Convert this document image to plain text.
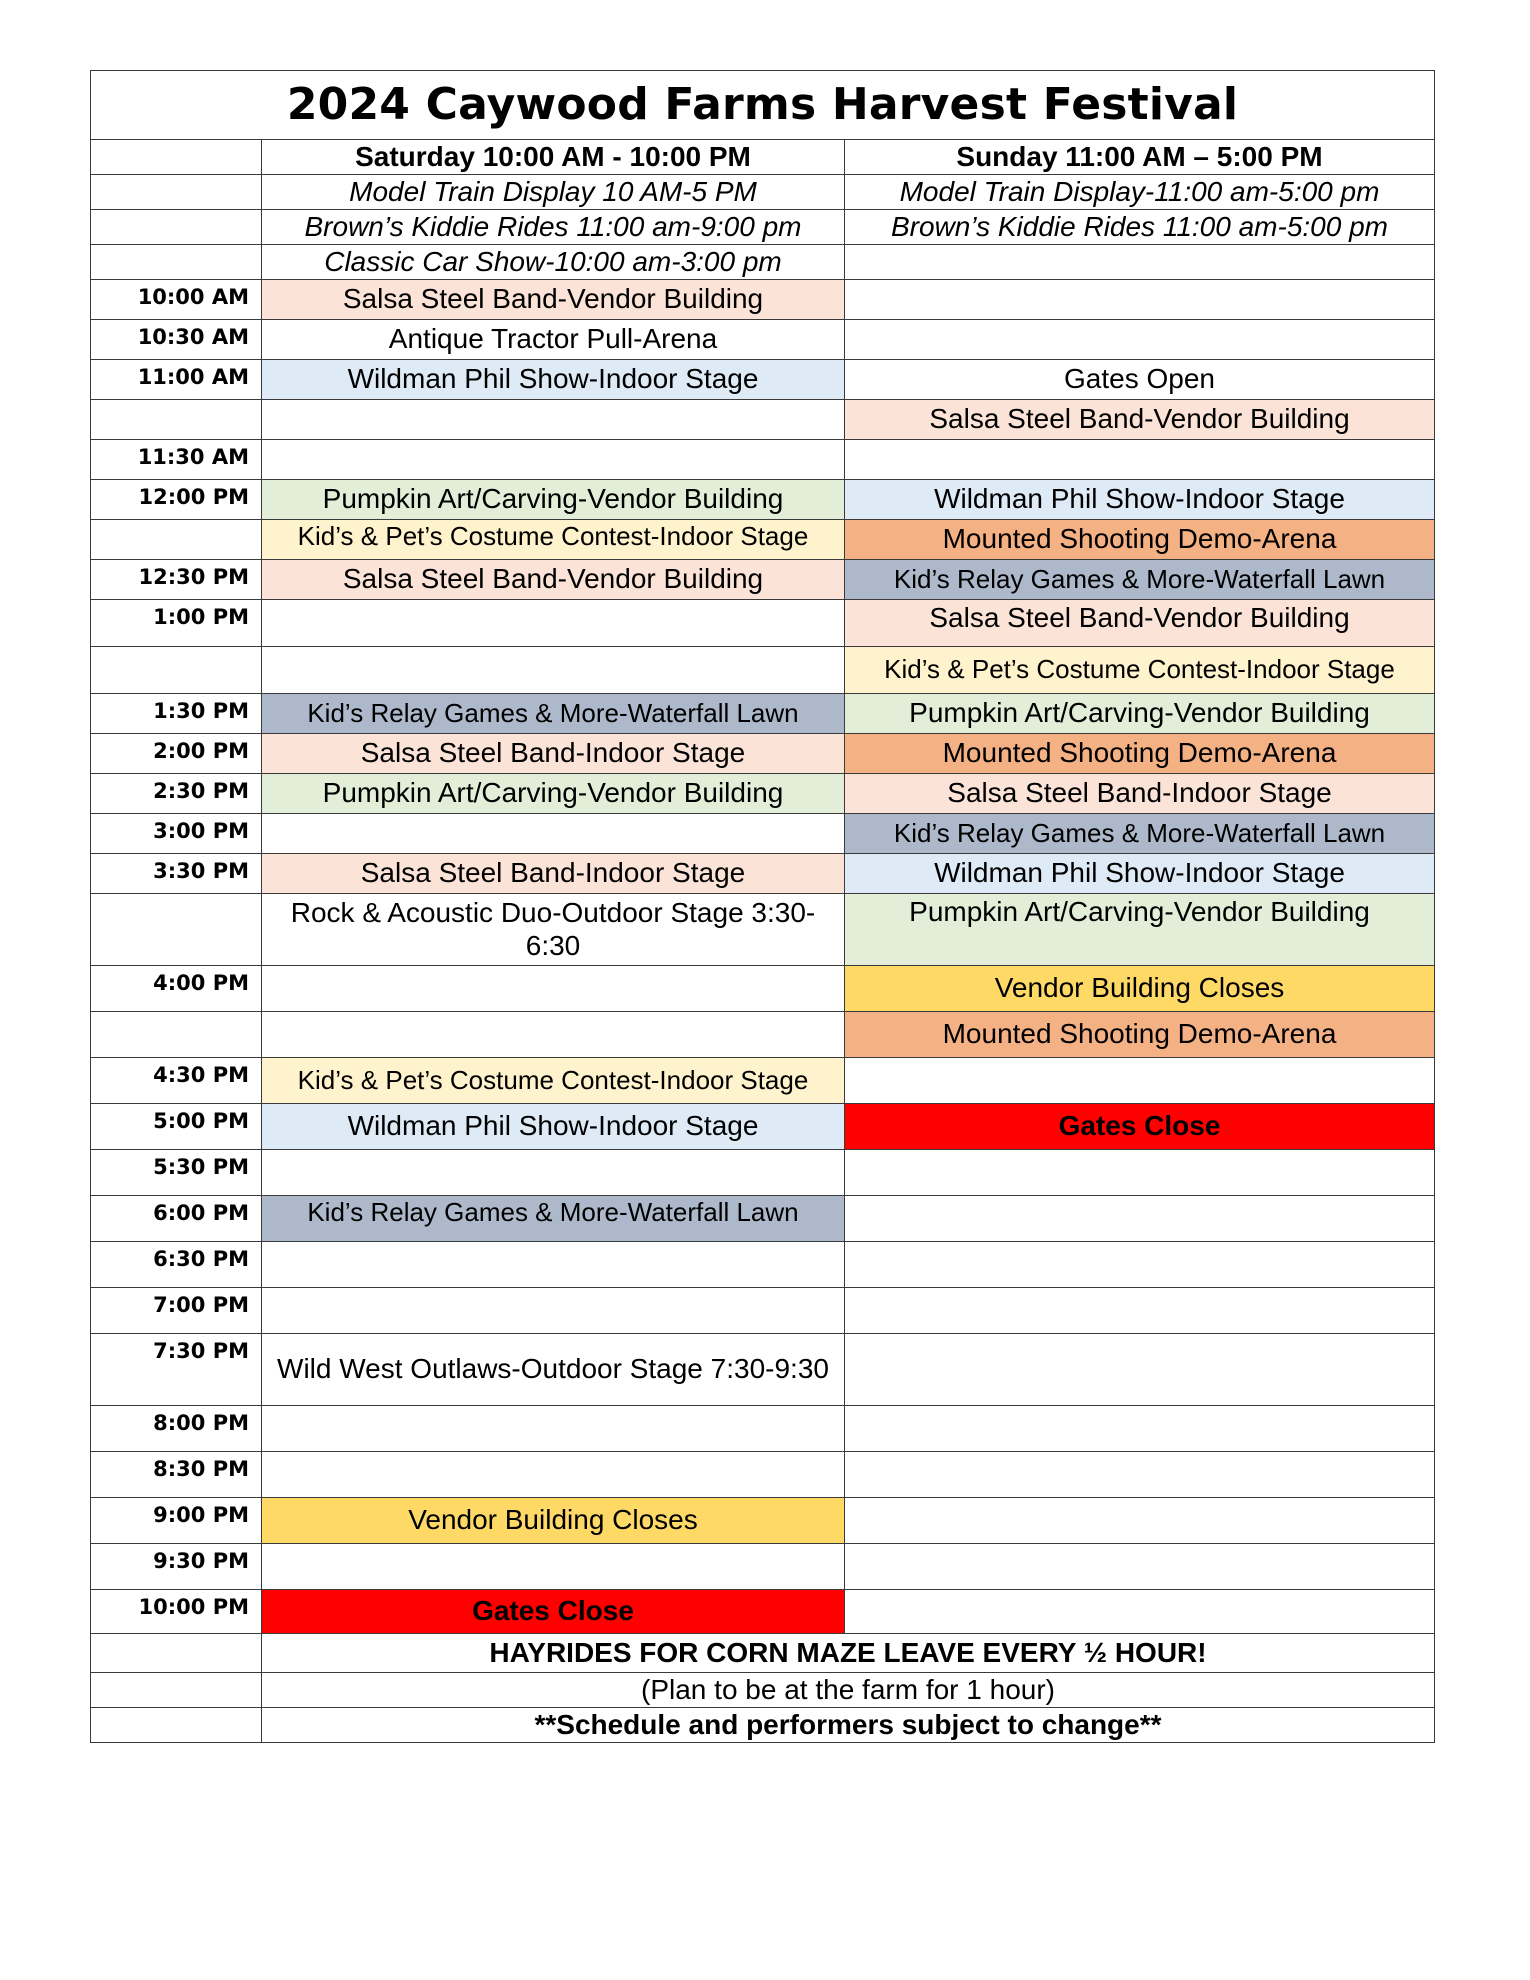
2024 Caywood Farms Harvest Festival		
	Saturday 10:00 AM - 10:00 PM	Sunday 11:00 AM – 5:00 PM
	Model Train Display 10 AM-5 PM	Model Train Display-11:00 am-5:00 pm
	Brown’s Kiddie Rides 11:00 am-9:00 pm	Brown’s Kiddie Rides 11:00 am-5:00 pm
	Classic Car Show-10:00 am-3:00 pm	
10:00 AM	Salsa Steel Band-Vendor Building	
10:30 AM	Antique Tractor Pull-Arena	
11:00 AM	Wildman Phil Show-Indoor Stage	Gates Open
		Salsa Steel Band-Vendor Building
11:30 AM		
12:00 PM	Pumpkin Art/Carving-Vendor Building	Wildman Phil Show-Indoor Stage
	Kid’s & Pet’s Costume Contest-Indoor Stage	Mounted Shooting Demo-Arena
12:30 PM	Salsa Steel Band-Vendor Building	Kid’s Relay Games & More-Waterfall Lawn
1:00 PM		Salsa Steel Band-Vendor Building
		Kid’s & Pet’s Costume Contest-Indoor Stage
1:30 PM	Kid’s Relay Games & More-Waterfall Lawn	Pumpkin Art/Carving-Vendor Building
2:00 PM	Salsa Steel Band-Indoor Stage	Mounted Shooting Demo-Arena
2:30 PM	Pumpkin Art/Carving-Vendor Building	Salsa Steel Band-Indoor Stage
3:00 PM		Kid’s Relay Games & More-Waterfall Lawn
3:30 PM	Salsa Steel Band-Indoor Stage	Wildman Phil Show-Indoor Stage
	Rock & Acoustic Duo-Outdoor Stage 3:30-6:30	Pumpkin Art/Carving-Vendor Building
4:00 PM		Vendor Building Closes
		Mounted Shooting Demo-Arena
4:30 PM	Kid’s & Pet’s Costume Contest-Indoor Stage	
5:00 PM	Wildman Phil Show-Indoor Stage	Gates Close
5:30 PM		
6:00 PM	Kid’s Relay Games & More-Waterfall Lawn	
6:30 PM		
7:00 PM		
7:30 PM	Wild West Outlaws-Outdoor Stage 7:30-9:30	
8:00 PM		
8:30 PM		
9:00 PM	Vendor Building Closes	
9:30 PM		
10:00 PM	Gates Close	
	HAYRIDES FOR CORN MAZE LEAVE EVERY ½ HOUR!	
	(Plan to be at the farm for 1 hour)	
	**Schedule and performers subject to change**	
